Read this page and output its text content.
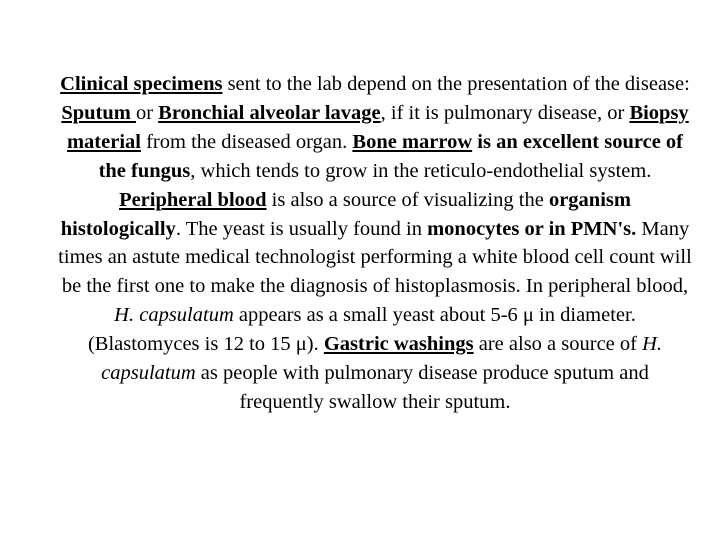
Clinical specimens sent to the lab depend on the presentation of the disease: Sputum or Bronchial alveolar lavage, if it is pulmonary disease, or Biopsy material from the diseased organ. Bone marrow is an excellent source of the fungus, which tends to grow in the reticulo-endothelial system. Peripheral blood is also a source of visualizing the organism histologically. The yeast is usually found in monocytes or in PMN's. Many times an astute medical technologist performing a white blood cell count will be the first one to make the diagnosis of histoplasmosis. In peripheral blood, H. capsulatum appears as a small yeast about 5-6 μ in diameter. (Blastomyces is 12 to 15 μ). Gastric washings are also a source of H. capsulatum as people with pulmonary disease produce sputum and frequently swallow their sputum.
